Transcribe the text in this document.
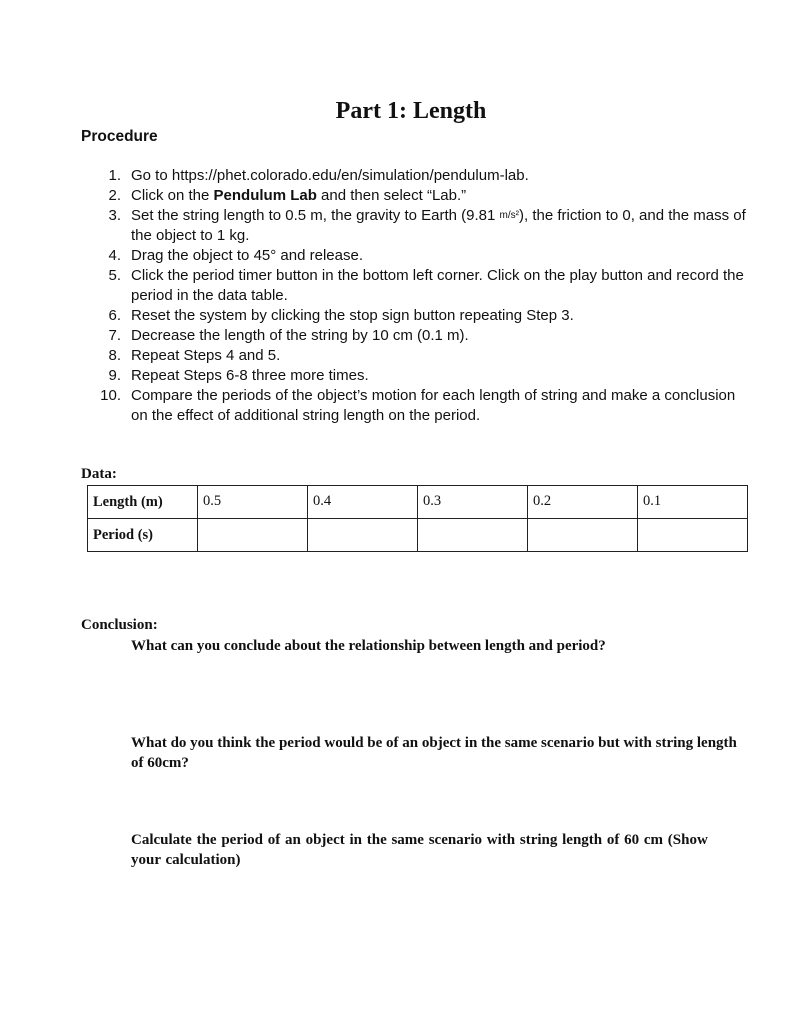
Part 1: Length
Procedure
1. Go to https://phet.colorado.edu/en/simulation/pendulum-lab.
2. Click on the Pendulum Lab and then select “Lab.”
3. Set the string length to 0.5 m, the gravity to Earth (9.81 $^{m/s^2}$), the friction to 0, and the mass of the object to 1 kg.
4. Drag the object to 45° and release.
5. Click the period timer button in the bottom left corner. Click on the play button and record the period in the data table.
6. Reset the system by clicking the stop sign button repeating Step 3.
7. Decrease the length of the string by 10 cm (0.1 m).
8. Repeat Steps 4 and 5.
9. Repeat Steps 6-8 three more times.
10. Compare the periods of the object’s motion for each length of string and make a conclusion on the effect of additional string length on the period.
Data:
Length (m)	0.5	0.4	0.3	0.2	0.1
Period (s)					
Conclusion:

What can you conclude about the relationship between length and period?

What do you think the period would be of an object in the same scenario but with string length of 60cm?

Calculate the period of an object in the same scenario with string length of 60 cm (Show your calculation)
